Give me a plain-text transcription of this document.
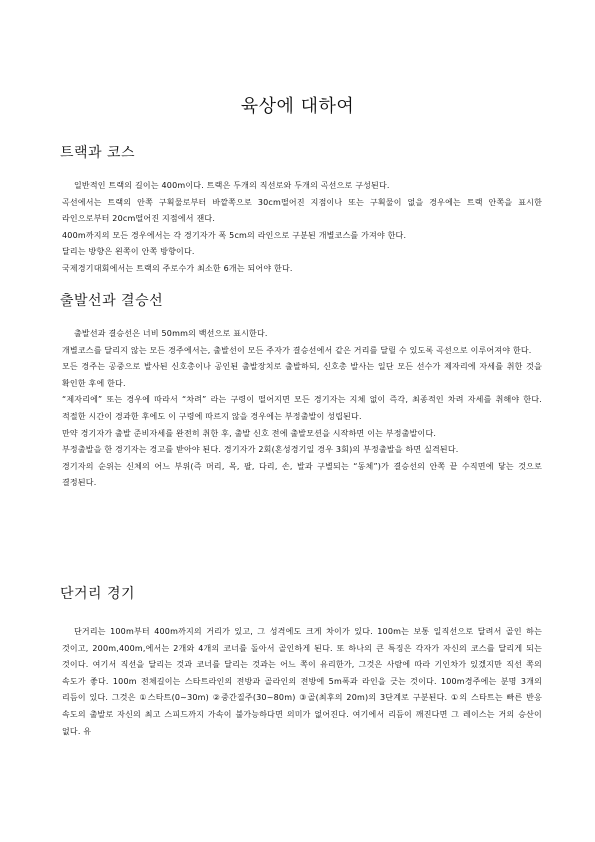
육상에 대하여
트랙과 코스

일반적인 트랙의 길이는 400m이다. 트랙은 두개의 직선로와 두개의 곡선으로 구성된다.

곡선에서는 트랙의 안쪽 구획물로부터 바깥쪽으로 30cm떨어진 지점이나 또는 구획물이 없을 경우에는 트랙 안쪽을 표시한 라인으로부터 20cm떨어진 지점에서 잰다.

400m까지의 모든 경우에서는 각 경기자가 폭 5cm의 라인으로 구분된 개별코스를 가져야 한다.

달리는 방향은 왼쪽이 안쪽 방향이다.

국제경기대회에서는 트랙의 주로수가 최소한 6개는 되어야 한다.

출발선과 결승선

출발선과 결승선은 너비 50mm의 백선으로 표시한다.

개별코스를 달리지 않는 모든 경주에서는, 출발선이 모든 주자가 결승선에서 같은 거리를 달릴 수 있도록 곡선으로 이루어져야 한다.

모든 경주는 공중으로 발사된 신호총이나 공인된 출발장치로 출발하되, 신호총 발사는 일단 모든 선수가 제자리에 자세를 취한 것을 확인한 후에 한다.

“제자리에” 또는 경우에 따라서 “차려” 라는 구령이 떨어지면 모든 경기자는 지체 없이 즉각, 최종적인 차려 자세를 취해야 한다. 적절한 시간이 경과한 후에도 이 구령에 따르지 않을 경우에는 부정출발이 성립된다.

만약 경기자가 출발 준비자세를 완전히 취한 후, 출발 신호 전에 출발모션을 시작하면 이는 부정출발이다.

부정출발을 한 경기자는 경고를 받아야 된다. 경기자가 2회(혼성경기일 경우 3회)의 부정출발을 하면 실격된다.

경기자의 순위는 신체의 어느 부위(즉 머리, 목, 팔, 다리, 손, 발과 구별되는 “동체”)가 결승선의 안쪽 끝 수직면에 닿는 것으로 결정된다.

단거리 경기

단거리는 100m부터 400m까지의 거리가 있고, 그 성격에도 크게 차이가 있다. 100m는 보통 일직선으로 달려서 골인 하는 것이고, 200m,400m,에서는 2개와 4개의 코너를 돌아서 골인하게 된다. 또 하나의 큰 특징은 각자가 자신의 코스를 달리게 되는 것이다. 여기서 직선을 달리는 것과 코너를 달리는 것과는 어느 쪽이 유리한가, 그것은 사람에 따라 기인차가 있겠지만 직선 쪽의 속도가 좋다. 100m 전체길이는 스타트라인의 전방과 골라인의 전방에 5m폭과 라인을 긋는 것이다. 100m경주에는 분명 3개의 리듬이 있다. 그것은 ①스타트(0~30m) ②중간질주(30~80m) ③골(최후의 20m)의 3단계로 구분된다. ①의 스타트는 빠른 반응 속도의 출발로 자신의 최고 스피드까지 가속이 불가능하다면 의미가 없어진다. 여기에서 리듬이 깨진다면 그 레이스는 거의 승산이 없다. 유
